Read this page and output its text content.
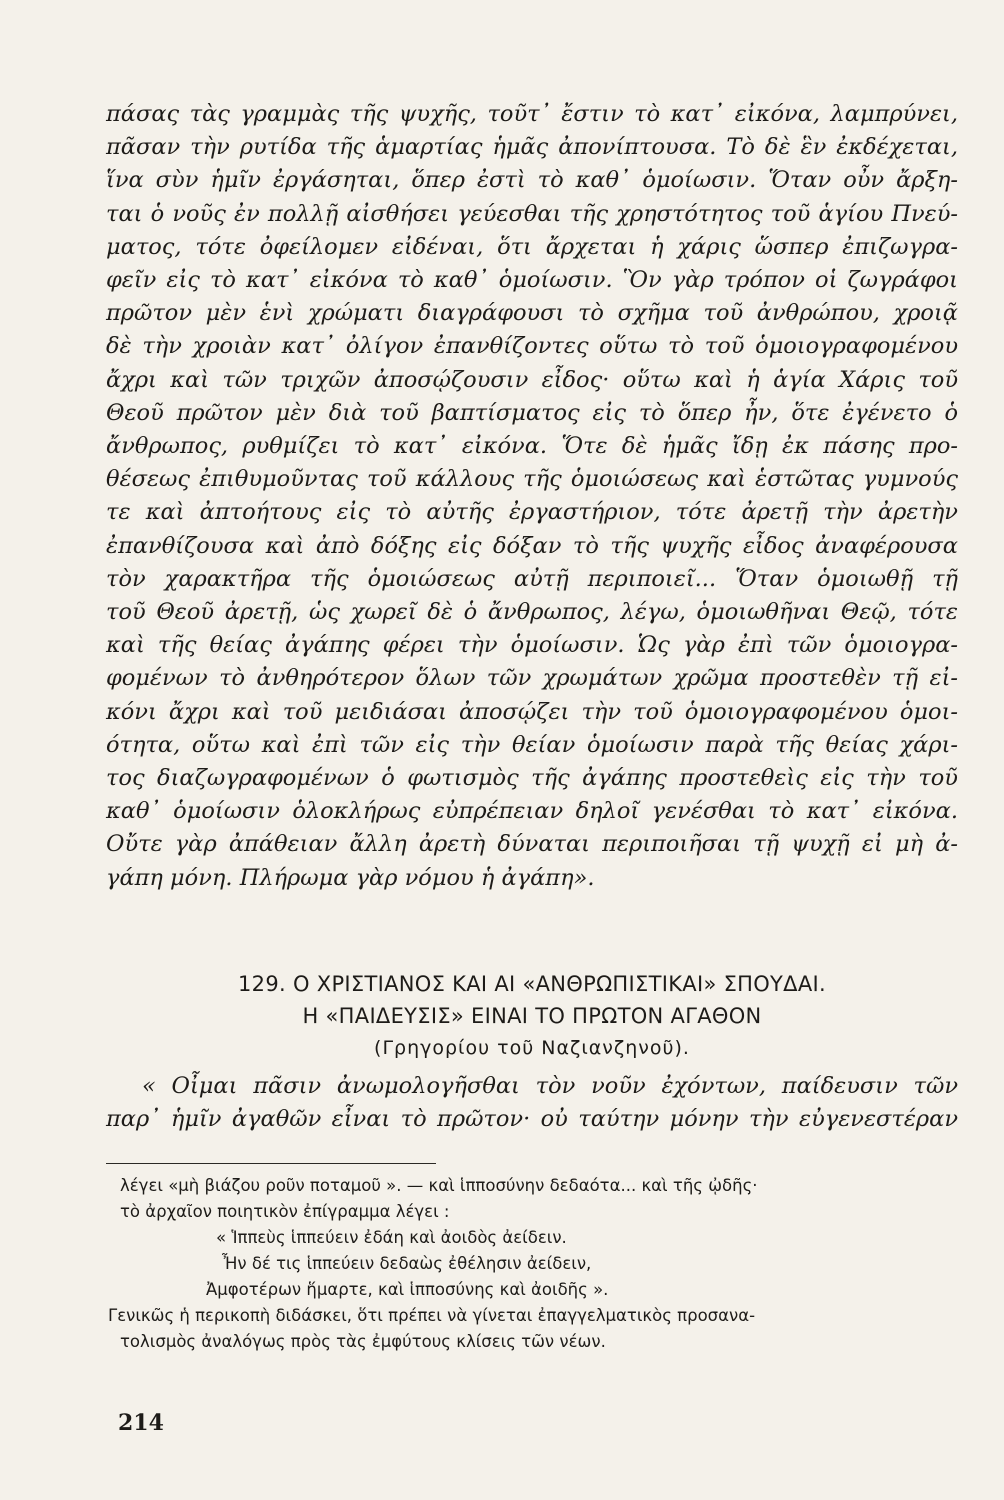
πάσας τὰς γραμμὰς τῆς ψυχῆς, τοῦτ᾽ ἔστιν τὸ κατ᾽ εἰκόνα, λαμπρύνει,
πᾶσαν τὴν ρυτίδα τῆς ἁμαρτίας ἡμᾶς ἀπονίπτουσα. Τὸ δὲ ἓν ἐκδέχεται,
ἵνα σὺν ἡμῖν ἐργάσηται, ὅπερ ἐστὶ τὸ καθ᾽ ὁμοίωσιν. Ὅταν οὖν ἄρξη-
ται ὁ νοῦς ἐν πολλῇ αἰσθήσει γεύεσθαι τῆς χρηστότητος τοῦ ἁγίου Πνεύ-
ματος, τότε ὀφείλομεν εἰδέναι, ὅτι ἄρχεται ἡ χάρις ὥσπερ ἐπιζωγρα-
φεῖν εἰς τὸ κατ᾽ εἰκόνα τὸ καθ᾽ ὁμοίωσιν. Ὃν γὰρ τρόπον οἱ ζωγράφοι
πρῶτον μὲν ἑνὶ χρώματι διαγράφουσι τὸ σχῆμα τοῦ ἀνθρώπου, χροιᾷ
δὲ τὴν χροιὰν κατ᾽ ὀλίγον ἐπανθίζοντες οὕτω τὸ τοῦ ὁμοιογραφομένου
ἄχρι καὶ τῶν τριχῶν ἀποσῴζουσιν εἶδος· οὕτω καὶ ἡ ἁγία Χάρις τοῦ
Θεοῦ πρῶτον μὲν διὰ τοῦ βαπτίσματος εἰς τὸ ὅπερ ἦν, ὅτε ἐγένετο ὁ
ἄνθρωπος, ρυθμίζει τὸ κατ᾽ εἰκόνα. Ὅτε δὲ ἡμᾶς ἴδῃ ἐκ πάσης προ-
θέσεως ἐπιθυμοῦντας τοῦ κάλλους τῆς ὁμοιώσεως καὶ ἑστῶτας γυμνούς
τε καὶ ἀπτοήτους εἰς τὸ αὐτῆς ἐργαστήριον, τότε ἀρετῇ τὴν ἀρετὴν
ἐπανθίζουσα καὶ ἀπὸ δόξης εἰς δόξαν τὸ τῆς ψυχῆς εἶδος ἀναφέρουσα
τὸν χαρακτῆρα τῆς ὁμοιώσεως αὐτῇ περιποιεῖ... Ὅταν ὁμοιωθῇ τῇ
τοῦ Θεοῦ ἀρετῇ, ὡς χωρεῖ δὲ ὁ ἄνθρωπος, λέγω, ὁμοιωθῆναι Θεῷ, τότε
καὶ τῆς θείας ἀγάπης φέρει τὴν ὁμοίωσιν. Ὡς γὰρ ἐπὶ τῶν ὁμοιογρα-
φομένων τὸ ἀνθηρότερον ὅλων τῶν χρωμάτων χρῶμα προστεθὲν τῇ εἰ-
κόνι ἄχρι καὶ τοῦ μειδιάσαι ἀποσῴζει τὴν τοῦ ὁμοιογραφομένου ὁμοι-
ότητα, οὕτω καὶ ἐπὶ τῶν εἰς τὴν θείαν ὁμοίωσιν παρὰ τῆς θείας χάρι-
τος διαζωγραφομένων ὁ φωτισμὸς τῆς ἀγάπης προστεθεὶς εἰς τὴν τοῦ
καθ᾽ ὁμοίωσιν ὁλοκλήρως εὐπρέπειαν δηλοῖ γενέσθαι τὸ κατ᾽ εἰκόνα.
Οὔτε γὰρ ἀπάθειαν ἄλλη ἀρετὴ δύναται περιποιῆσαι τῇ ψυχῇ εἰ μὴ ἀ-
γάπη μόνη. Πλήρωμα γὰρ νόμου ἡ ἀγάπη».
129. Ο ΧΡΙΣΤΙΑΝΟΣ ΚΑΙ ΑΙ «ΑΝΘΡΩΠΙΣΤΙΚΑΙ» ΣΠΟΥΔΑΙ.
Η «ΠΑΙΔΕΥΣΙΣ» ΕΙΝΑΙ ΤΟ ΠΡΩΤΟΝ ΑΓΑΘΟΝ
(Γρηγορίου τοῦ Ναζιανζηνοῦ).
« Οἶμαι πᾶσιν ἀνωμολογῆσθαι τὸν νοῦν ἐχόντων, παίδευσιν τῶν
παρ᾽ ἡμῖν ἀγαθῶν εἶναι τὸ πρῶτον· οὐ ταύτην μόνην τὴν εὐγενεστέραν
λέγει «μὴ βιάζου ροῦν ποταμοῦ ». — καὶ ἱπποσύνην δεδαότα... καὶ τῆς ᾠδῆς·
τὸ ἀρχαῖον ποιητικὸν ἐπίγραμμα λέγει :
« Ἱππεὺς ἱππεύειν ἐδάη καὶ ἀοιδὸς ἀείδειν.
Ἦν δέ τις ἱππεύειν δεδαὼς ἐθέλησιν ἀείδειν,
Ἀμφοτέρων ἥμαρτε, καὶ ἱπποσύνης καὶ ἀοιδῆς ».
Γενικῶς ἡ περικοπὴ διδάσκει, ὅτι πρέπει νὰ γίνεται ἐπαγγελματικὸς προσανα-
τολισμὸς ἀναλόγως πρὸς τὰς ἐμφύτους κλίσεις τῶν νέων.
214
